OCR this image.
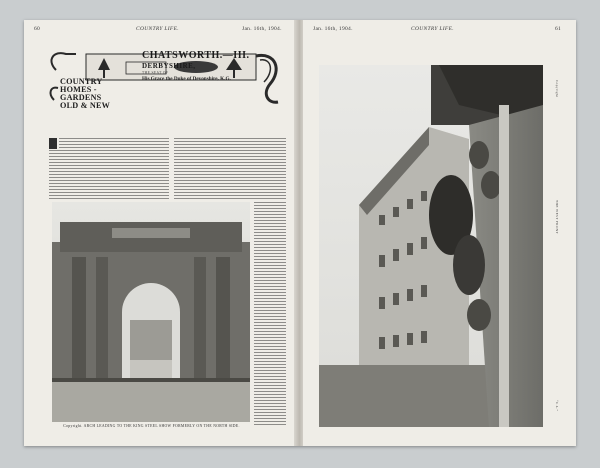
60	COUNTRY LIFE.	Jan. 16th, 1904.
COUNTRY
HOMES -
GARDENS
OLD & NEW
CHATSWORTH.—III.
DERBYSHIRE,
THE SEAT OF
His Grace the Duke of Devonshire, K.G.
Copyright. ARCH LEADING TO THE KING STEEL SHOW FORMERLY ON THE NORTH SIDE.
Jan. 16th, 1904.	COUNTRY LIFE.	61
Copyright
THE WEST FRONT
“C.L.”
